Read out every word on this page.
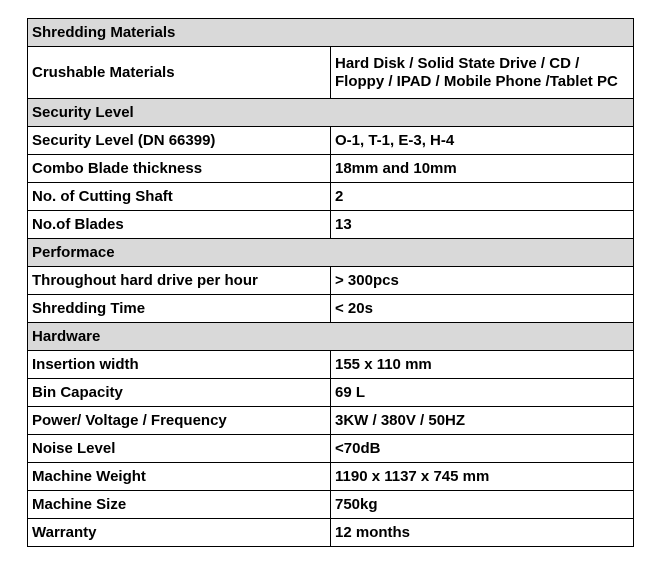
Shredding Materials	
Crushable Materials	Hard Disk / Solid State Drive / CD /
Floppy / IPAD / Mobile Phone /Tablet PC

Security Level	
Security Level (DN 66399)	O-1, T-1, E-3, H-4
Combo Blade thickness	18mm and 10mm
No. of Cutting Shaft	2
No.of Blades	13
Performace	
Throughout hard drive per hour	> 300pcs
Shredding Time	< 20s
Hardware	
Insertion width	155 x 110 mm
Bin Capacity	69 L
Power/ Voltage / Frequency	3KW / 380V / 50HZ
Noise Level	<70dB
Machine Weight	1190 x 1137 x 745 mm
Machine Size	750kg
Warranty	12 months
